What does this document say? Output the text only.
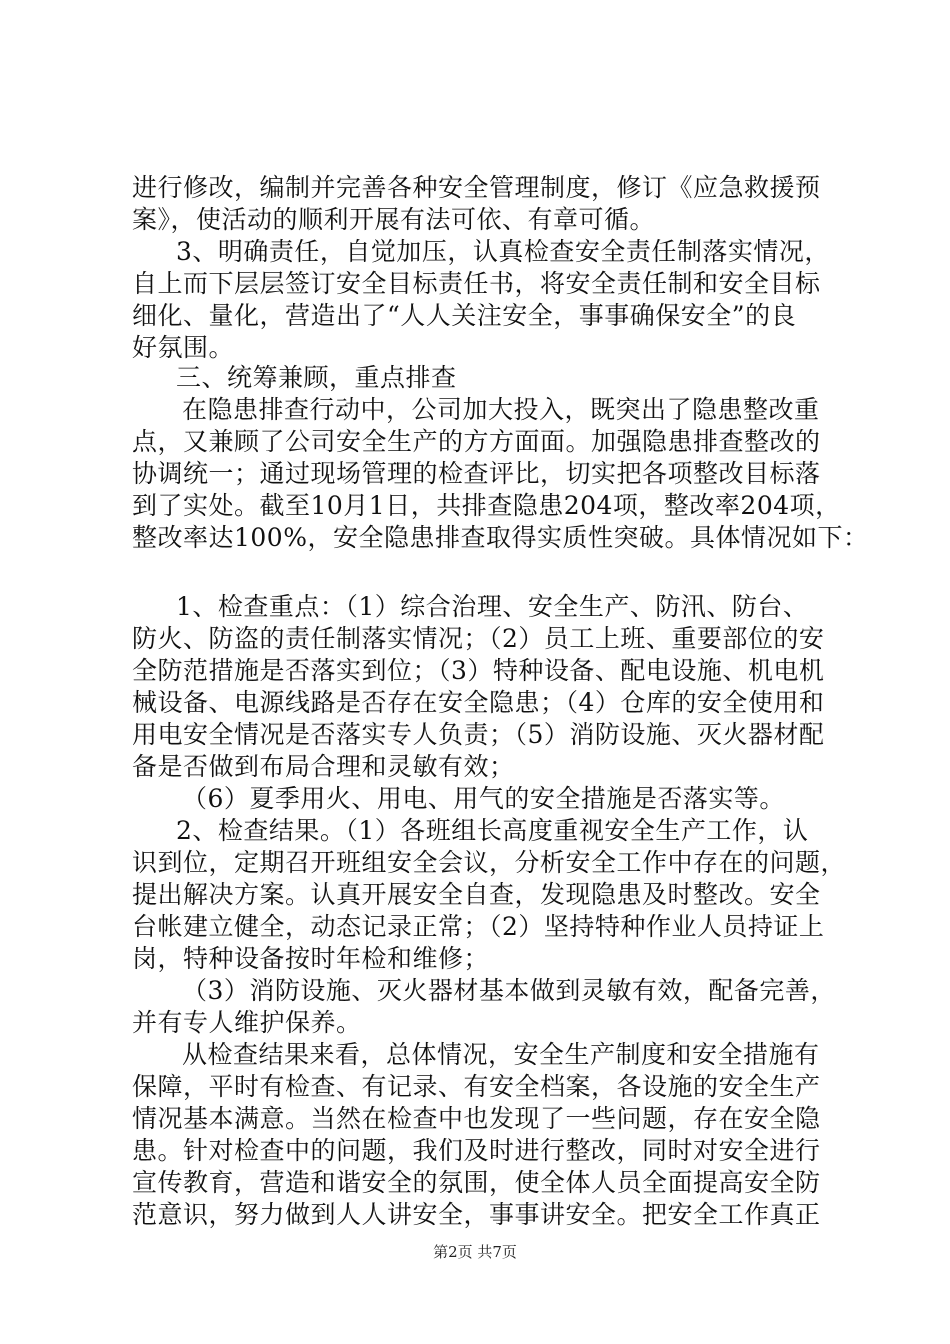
进行修改，编制并完善各种安全管理制度，修订《应急救援预
案》，使活动的顺利开展有法可依、有章可循。
3、明确责任，自觉加压，认真检查安全责任制落实情况，
自上而下层层签订安全目标责任书，将安全责任制和安全目标
细化、量化，营造出了“人人关注安全，事事确保安全”的良
好氛围。
三、统筹兼顾，重点排查
在隐患排查行动中，公司加大投入，既突出了隐患整改重
点，又兼顾了公司安全生产的方方面面。加强隐患排查整改的
协调统一；通过现场管理的检查评比，切实把各项整改目标落
到了实处。截至10月1日，共排查隐患204项，整改率204项，
整改率达100%，安全隐患排查取得实质性突破。具体情况如下：
1、检查重点：（1）综合治理、安全生产、防汛、防台、
防火、防盗的责任制落实情况；（2）员工上班、重要部位的安
全防范措施是否落实到位；（3）特种设备、配电设施、机电机
械设备、电源线路是否存在安全隐患；（4）仓库的安全使用和
用电安全情况是否落实专人负责；（5）消防设施、灭火器材配
备是否做到布局合理和灵敏有效；
（6）夏季用火、用电、用气的安全措施是否落实等。
2、检查结果。（1）各班组长高度重视安全生产工作，认
识到位，定期召开班组安全会议，分析安全工作中存在的问题，
提出解决方案。认真开展安全自查，发现隐患及时整改。安全
台帐建立健全，动态记录正常；（2）坚持特种作业人员持证上
岗，特种设备按时年检和维修；
（3）消防设施、灭火器材基本做到灵敏有效，配备完善，
并有专人维护保养。
从检查结果来看，总体情况，安全生产制度和安全措施有
保障，平时有检查、有记录、有安全档案，各设施的安全生产
情况基本满意。当然在检查中也发现了一些问题，存在安全隐
患。针对检查中的问题，我们及时进行整改，同时对安全进行
宣传教育，营造和谐安全的氛围，使全体人员全面提高安全防
范意识，努力做到人人讲安全，事事讲安全。把安全工作真正
第2页 共7页
